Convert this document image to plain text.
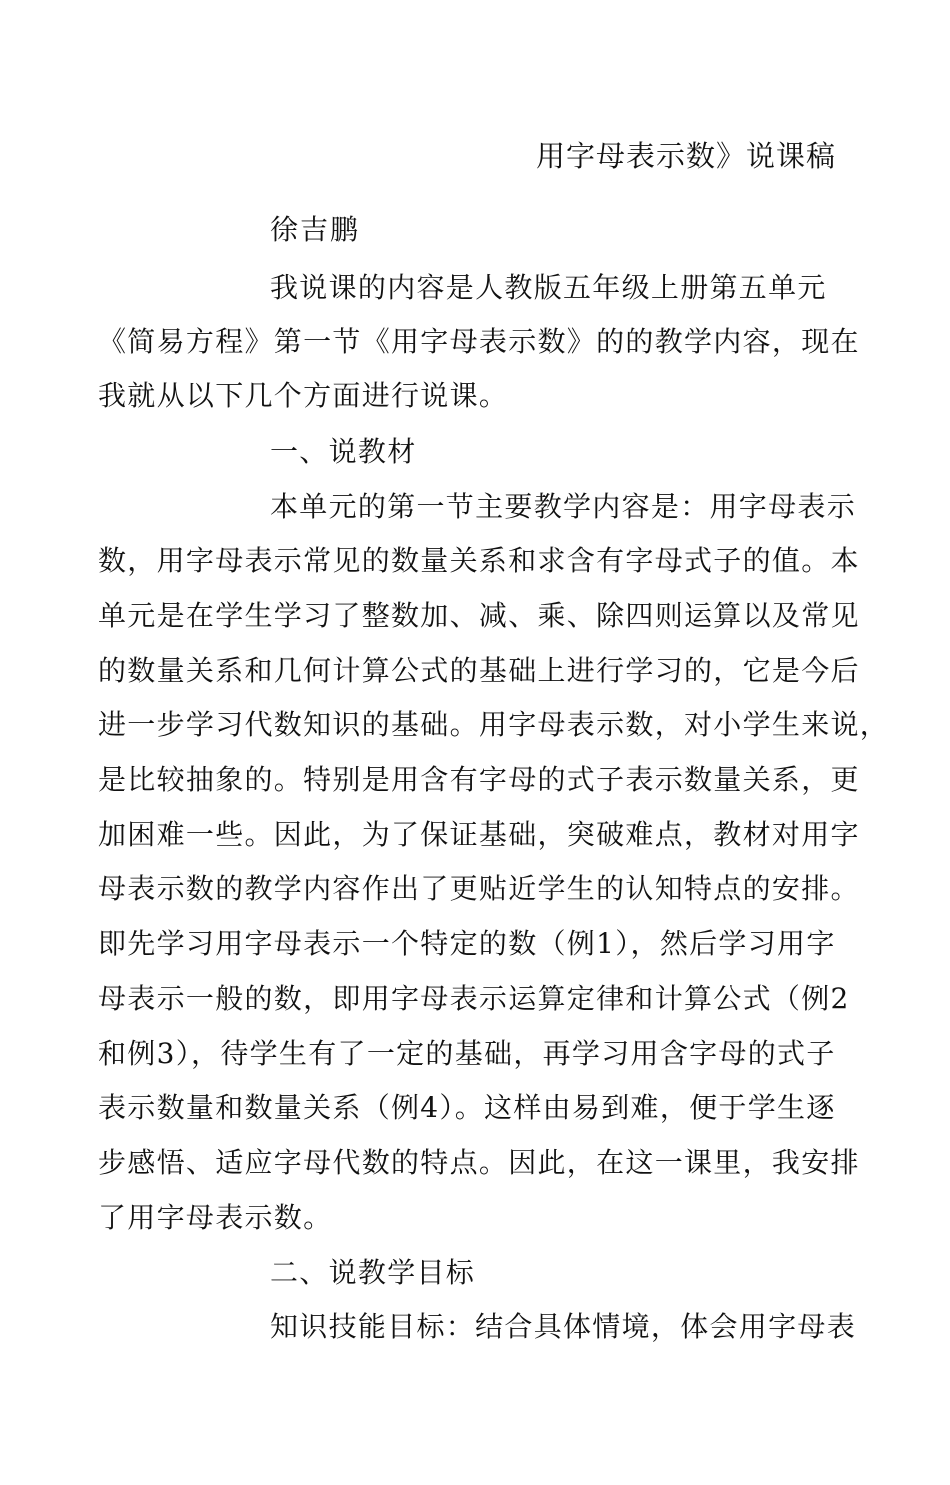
用字母表示数》说课稿
徐吉鹏
我说课的内容是人教版五年级上册第五单元
《简易方程》第一节《用字母表示数》的的教学内容，现在
我就从以下几个方面进行说课。
一、说教材
本单元的第一节主要教学内容是：用字母表示
数，用字母表示常见的数量关系和求含有字母式子的值。本
单元是在学生学习了整数加、减、乘、除四则运算以及常见
的数量关系和几何计算公式的基础上进行学习的，它是今后
进一步学习代数知识的基础。用字母表示数，对小学生来说，
是比较抽象的。特别是用含有字母的式子表示数量关系，更
加困难一些。因此，为了保证基础，突破难点，教材对用字
母表示数的教学内容作出了更贴近学生的认知特点的安排。
即先学习用字母表示一个特定的数（例1），然后学习用字
母表示一般的数，即用字母表示运算定律和计算公式（例2
和例3），待学生有了一定的基础，再学习用含字母的式子
表示数量和数量关系（例4）。这样由易到难，便于学生逐
步感悟、适应字母代数的特点。因此，在这一课里，我安排
了用字母表示数。
二、说教学目标
知识技能目标：结合具体情境，体会用字母表
